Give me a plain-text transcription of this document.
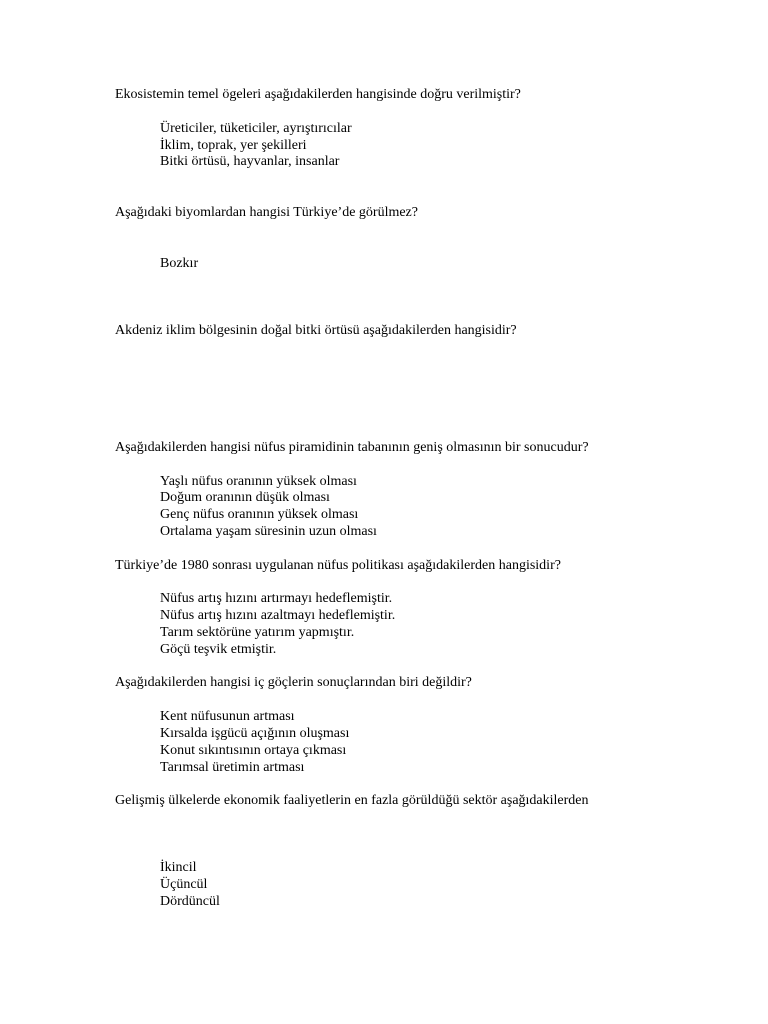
Ekosistemin temel ögeleri aşağıdakilerden hangisinde doğru verilmiştir?
Üreticiler, tüketiciler, ayrıştırıcılar
İklim, toprak, yer şekilleri
Bitki örtüsü, hayvanlar, insanlar
Aşağıdaki biyomlardan hangisi Türkiye’de görülmez?
Bozkır
Akdeniz iklim bölgesinin doğal bitki örtüsü aşağıdakilerden hangisidir?
Aşağıdakilerden hangisi nüfus piramidinin tabanının geniş olmasının bir sonucudur?
Yaşlı nüfus oranının yüksek olması
Doğum oranının düşük olması
Genç nüfus oranının yüksek olması
Ortalama yaşam süresinin uzun olması
Türkiye’de 1980 sonrası uygulanan nüfus politikası aşağıdakilerden hangisidir?
Nüfus artış hızını artırmayı hedeflemiştir.
Nüfus artış hızını azaltmayı hedeflemiştir.
Tarım sektörüne yatırım yapmıştır.
Göçü teşvik etmiştir.
Aşağıdakilerden hangisi iç göçlerin sonuçlarından biri değildir?
Kent nüfusunun artması
Kırsalda işgücü açığının oluşması
Konut sıkıntısının ortaya çıkması
Tarımsal üretimin artması
Gelişmiş ülkelerde ekonomik faaliyetlerin en fazla görüldüğü sektör aşağıdakilerden
İkincil
Üçüncül
Dördüncül
